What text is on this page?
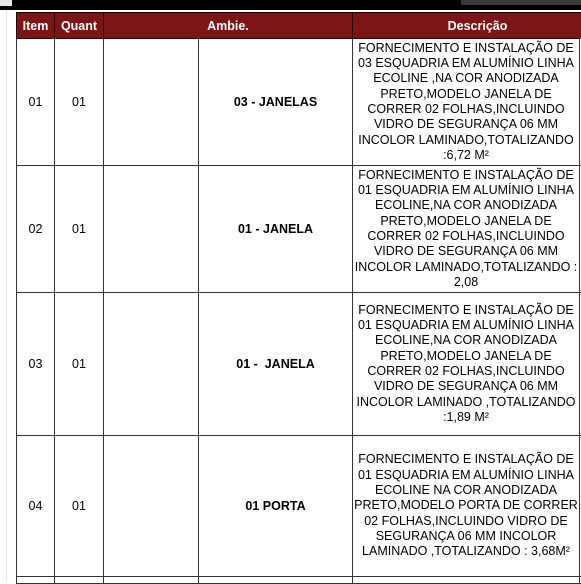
Item	Quant	Ambie.		Descrição	
01	01		03 - JANELAS	FORNECIMENTO E INSTALAÇÃO DE 03 ESQUADRIA EM ALUMÍNIO LINHA ECOLINE ,NA COR ANODIZADA PRETO,MODELO JANELA DE CORRER 02 FOLHAS,INCLUINDO VIDRO DE SEGURANÇA 06 MM INCOLOR LAMINADO,TOTALIZANDO :6,72 M²	
02	01		01 - JANELA	FORNECIMENTO E INSTALAÇÃO DE 01 ESQUADRIA EM ALUMÍNIO LINHA ECOLINE,NA COR ANODIZADA PRETO,MODELO JANELA DE CORRER 02 FOLHAS,INCLUINDO VIDRO DE SEGURANÇA 06 MM INCOLOR LAMINADO,TOTALIZANDO : 2,08	
03	01		01 -  JANELA	FORNECIMENTO E INSTALAÇÃO DE 01 ESQUADRIA EM ALUMÍNIO LINHA ECOLINE,NA COR ANODIZADA PRETO,MODELO JANELA DE CORRER 02 FOLHAS,INCLUINDO VIDRO DE SEGURANÇA 06 MM INCOLOR LAMINADO ,TOTALIZANDO :1,89 M²	
04	01		01 PORTA	FORNECIMENTO E INSTALAÇÃO DE 01 ESQUADRIA EM ALUMÍNIO LINHA ECOLINE NA COR ANODIZADA PRETO,MODELO PORTA DE CORRER 02 FOLHAS,INCLUINDO VIDRO DE SEGURANÇA 06 MM INCOLOR LAMINADO ,TOTALIZANDO : 3,68M²	
